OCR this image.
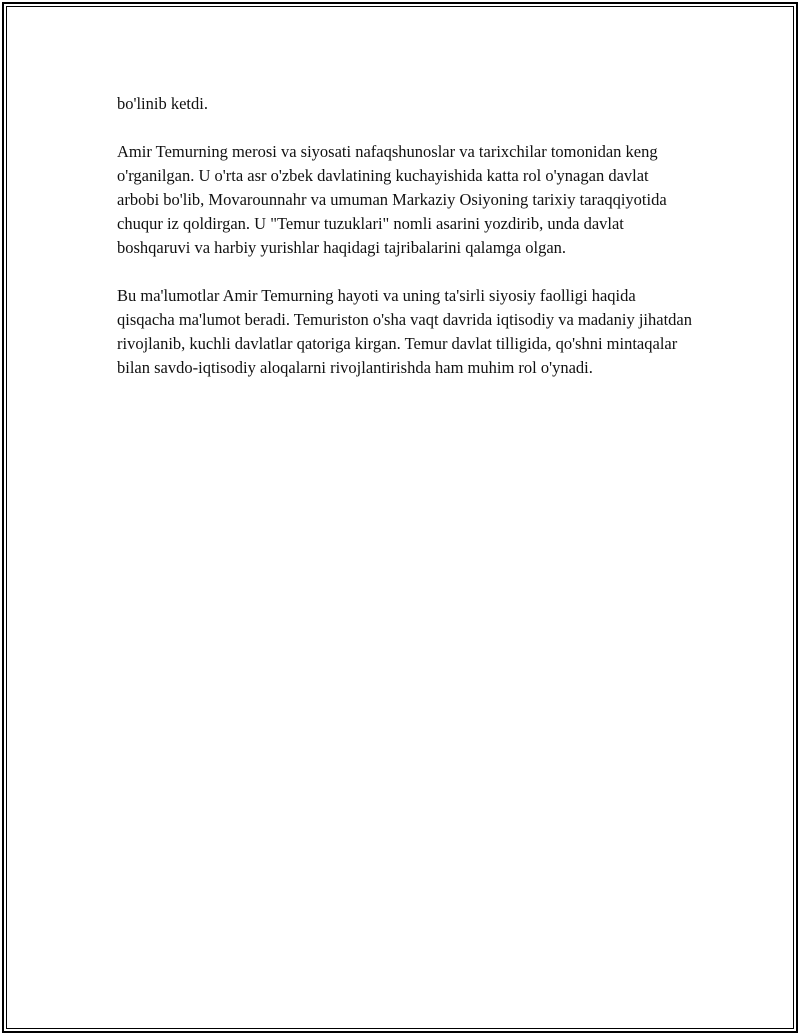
bo'linib ketdi.

Amir Temurning merosi va siyosati nafaqshunoslar va tarixchilar tomonidan keng o'rganilgan. U o'rta asr o'zbek davlatining kuchayishida katta rol o'ynagan davlat arbobi bo'lib, Movarounnahr va umuman Markaziy Osiyoning tarixiy taraqqiyotida chuqur iz qoldirgan. U "Temur tuzuklari" nomli asarini yozdirib, unda davlat boshqaruvi va harbiy yurishlar haqidagi tajribalarini qalamga olgan.

Bu ma'lumotlar Amir Temurning hayoti va uning ta'sirli siyosiy faolligi haqida qisqacha ma'lumot beradi. Temuriston o'sha vaqt davrida iqtisodiy va madaniy jihatdan rivojlanib, kuchli davlatlar qatoriga kirgan. Temur davlat tilligida, qo'shni mintaqalar bilan savdo-iqtisodiy aloqalarni rivojlantirishda ham muhim rol o'ynadi.
